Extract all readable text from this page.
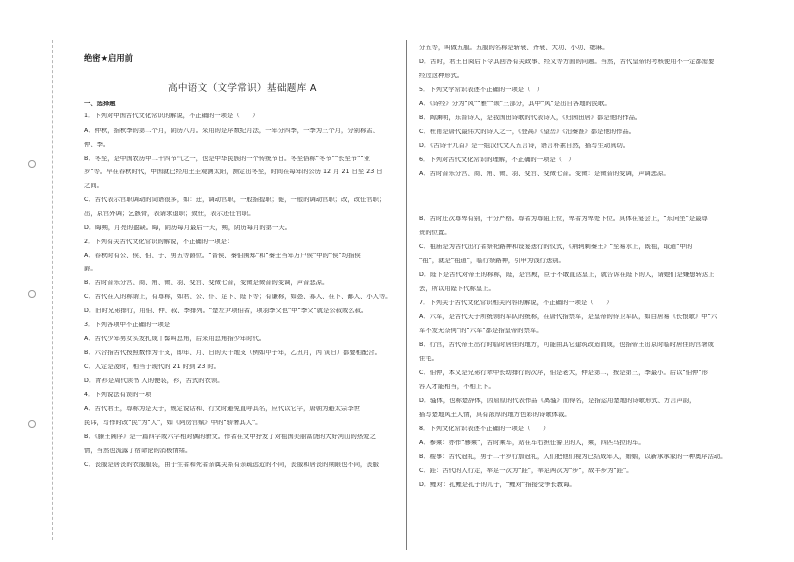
绝密★启用前
高中语文（文学常识）基础题库 A
一、选择题
1．下列对中国古代文化常识的解说，不正确的一项是（　　）
A．仲秋，指秋季的第二个月，阴历八月。采用的是序数纪月法，一年分四季，一季为三个月，分别称孟、
仲、季。
B．冬至，是中国农历中二十四节气之一，也是中华民族的一个传统节日。冬至俗称“冬节”“长至节”“亚
岁”等。早在春秋时代，中国就已经用土圭观测太阳，测定出冬至，时间在每年的公历 12 月 21 日至 23 日
之间。
C．古代表示官职调动的词语很多，如：迁，调动官职，一般指提职；徙，一般的调动官职；改，改任官职；
出，京官外调；乞骸骨，表请求退职；致仕，表示还任官职。
D．晦朔，月亮的盈缺。晦，阴历每月最后一天，朔，阴历每月的第一天。
2．下列有关古代文化常识的解说，不正确的一项是：
A．春秋时有公、侯、伯、子、男五等爵位。“晋侯、秦伯围郑”和“秦士当年万户侯”中的“侯”均指侯
爵。
B．古时音乐分宫、商、角、徵、羽、变宫、变徵七音，变徵是徵音的变调，声音悲凉。
C．古代在人的称谓上，有尊称，如君、公、仆、足下、陛下等；有谦称，如愚、寡人、在下、鄙人、小人等。
D．旧时兄弟排行，用伯、仲、叔、季排列。“楚左尹项伯者，项羽季父也”中“季父”就是公叔或么叔。
3．下列各项中不正确的一项是
A．古代少年男女头发扎成丫髻叫总角，后来用总角指少年时代。
B．六合指古代按照数作为干支，即年、月、日的天干地支（例如甲子年，乙丑月，丙 寅日）都要相配合。
C．人定是凌时，相当于现代的 21 时到 23 时。
D．青衫是周代读书 人的便装，衫，古式的衣领。
4．下列说法有误的一项
A．古代君王，尊称为是天子，规定说话和、行文时避免直呼其名，应代以它字，唐朝为避太宗李世
民讳，写作时改“民”为“人”，如《阿房宫赋》中的“骄奢其人”。
B．《滕王阁序》是一篇四字或六字相对偶的骈文。作者在文中抒发了对祖国美丽富饶的大好河山的热爱之
情，当然也流露了宿命论的消极情绪。
C．丧服是居丧的衣服服装，由于生者和死者亲属关系有亲疏远近的不同，丧服和居丧的期限也不同，丧服
分五等，叫做五服。五服的名称是斩衰、齐衰、大功、小功、缌麻。
D．古时，君王日阅后下令其回答有关政事、经义等方面的问题。当然，古代皇帝的考核使用不一定都需要
经过这种形式。
5．下列文学常识表述不正确的一项是（　）
A．《诗经》分为“风”“雅”“颂”三部分，其中“风”是出自各地的民歌。
B．陶渊明，东晋诗人，是我国田诗歌的代表诗人，《归园田居》都是他的作品。
C．杜甫是唐代最伟大的诗人之一，《登高》《望岳》《泊秦淮》都是他的作品。
D．《古诗十九首》是一组汉代文人五言诗，语言朴素自然，描写生动真切。
6．下列对古代文化常识的理解，不正确的一项是（　）
A．古时音乐分宫、商、角、徵、羽、变宫、变徵七音。变徵：是徵音的变调，声调悲凉。
B．古时庄次尊卑有别，十分严格。尊者为尊阻上位，卑者为卑处下位。具体在宴会上，“东向坐”是最尊
贵的位置。
C．祖庙是为古代出行者祭祀路神和设宴送行的仪式，《荆轲刺秦王》“至易水上，既祖，取道”中的
“祖”，就是“祖道”，临行祭路神，引申为饯行送别。
D．陛下是古代对帝王的称称，陛，是宫殿，臣子不敢直达皇上，就告诉在陛下的人，请她们是嫌想转达上
去，所以用陛下代称皇上。
7．下列关于古代文化常识相关内容的解说，不正确的一项是（　　）
A．六军，是古代天子所统领的军队的统称，在唐代指禁军，是皇帝的侍卫军队，如白居易《长恨歌》中“六
军不发无奈何”的“六军”都是指皇帝的禁军。
B．行宫，古代帝王出行时临时居住的地方，可能由其它建筑改造而成，也指帝王出京时临时居住的宫署或
住宅。
C．伯仲，本义是兄弟行辈中长幼排行的次序，伯是老大，仲是第二，按是第三，季最小。后以“伯仲”形
容人才能相当，不相上下。
D．骚体，也称楚辞体，因屈原的代表作品《离骚》而得名，是指运用楚地的诗歌形式、方言声韵，
描写楚地风土人情，具有浓厚的地方色彩的诗歌体裁。
8．下列文化常识表述不正确的一项是（　　）
A．参乘：亦作“骖乘”，古时乘车，站在车右担任警卫的人，乘，四匹马拉的车。
B．稷事：古代冠礼，男子二十岁行加冠礼，人们把他们视为已结成年人，婚姻，以新承承家的一种奥序活动。
C．跬：古代的人行走，举足一次为“跬”，举足两次为“步”，故半步为“跬”。
D．鲤对：孔鲤是孔子的儿子，“鲤对”指接受争长教诲。
